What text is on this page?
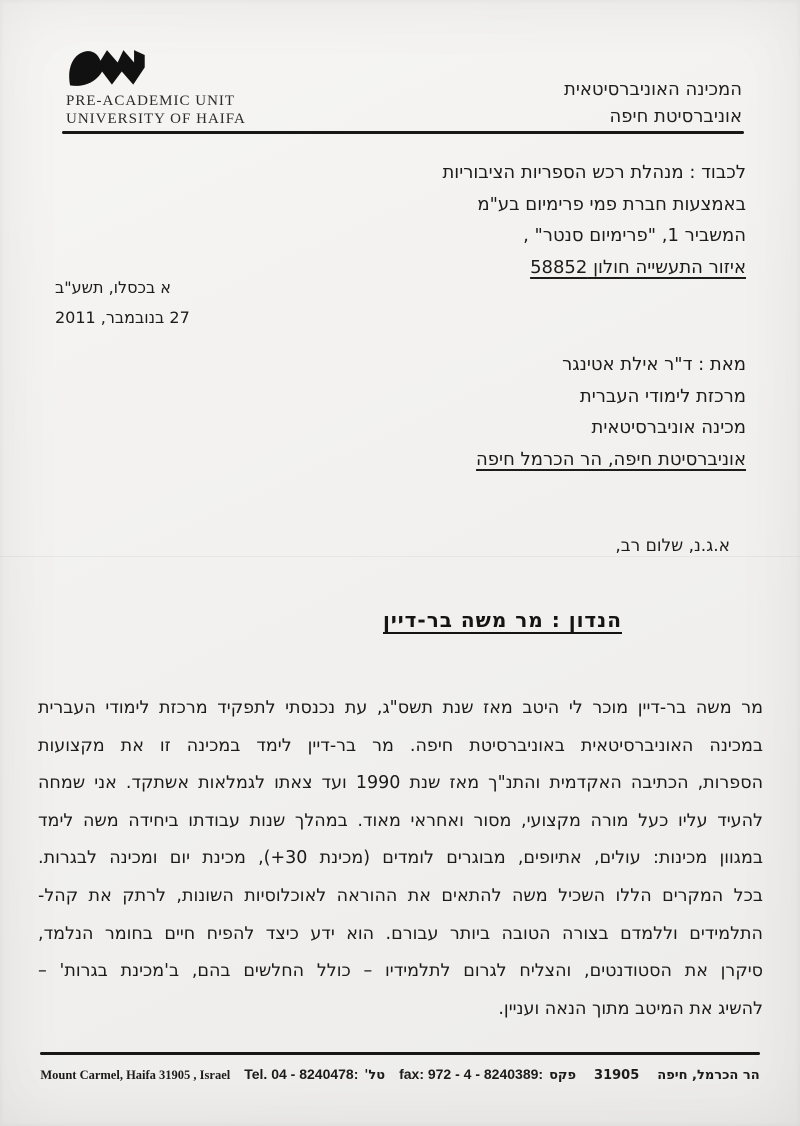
PRE-ACADEMIC UNIT
UNIVERSITY OF HAIFA
המכינה האוניברסיטאית
אוניברסיטת חיפה
לכבוד : מנהלת רכש הספריות הציבוריות
באמצעות חברת פמי פרימיום בע"מ
המשביר 1, "פרימיום סנטר" ,
איזור התעשייה חולון 58852
א בכסלו, תשע"ב
27 בנובמבר, 2011
מאת : ד"ר אילת אטינגר
מרכזת לימודי העברית
מכינה אוניברסיטאית
אוניברסיטת חיפה, הר הכרמל חיפה
א.ג.נ, שלום רב,
הנדון : מר משה בר-דיין
מר משה בר-דיין מוכר לי היטב מאז שנת תשס"ג, עת נכנסתי לתפקיד מרכזת לימודי העברית
במכינה האוניברסיטאית באוניברסיטת חיפה. מר בר-דיין לימד במכינה זו את מקצועות
הספרות, הכתיבה האקדמית והתנ"ך מאז שנת 1990 ועד צאתו לגמלאות אשתקד. אני שמחה
להעיד עליו כעל מורה מקצועי, מסור ואחראי מאוד. במהלך שנות עבודתו ביחידה משה לימד
במגוון מכינות: עולים, אתיופים, מבוגרים לומדים (מכינת 30+), מכינת יום ומכינה לבגרות.
בכל המקרים הללו השכיל משה להתאים את ההוראה לאוכלוסיות השונות, לרתק את קהל-
התלמידים וללמדם בצורה הטובה ביותר עבורם. הוא ידע כיצד להפיח חיים בחומר הנלמד,
סיקרן את הסטודנטים, והצליח לגרום לתלמידיו – כולל החלשים בהם, ב'מכינת בגרות' –
להשיג את המיטב מתוך הנאה ועניין.
Mount Carmel, Haifa 31905 , Israel Tel. 04 - 8240478: טל' fax: 972 - 4 - 8240389: פקס 31905 הר הכרמל, חיפה
